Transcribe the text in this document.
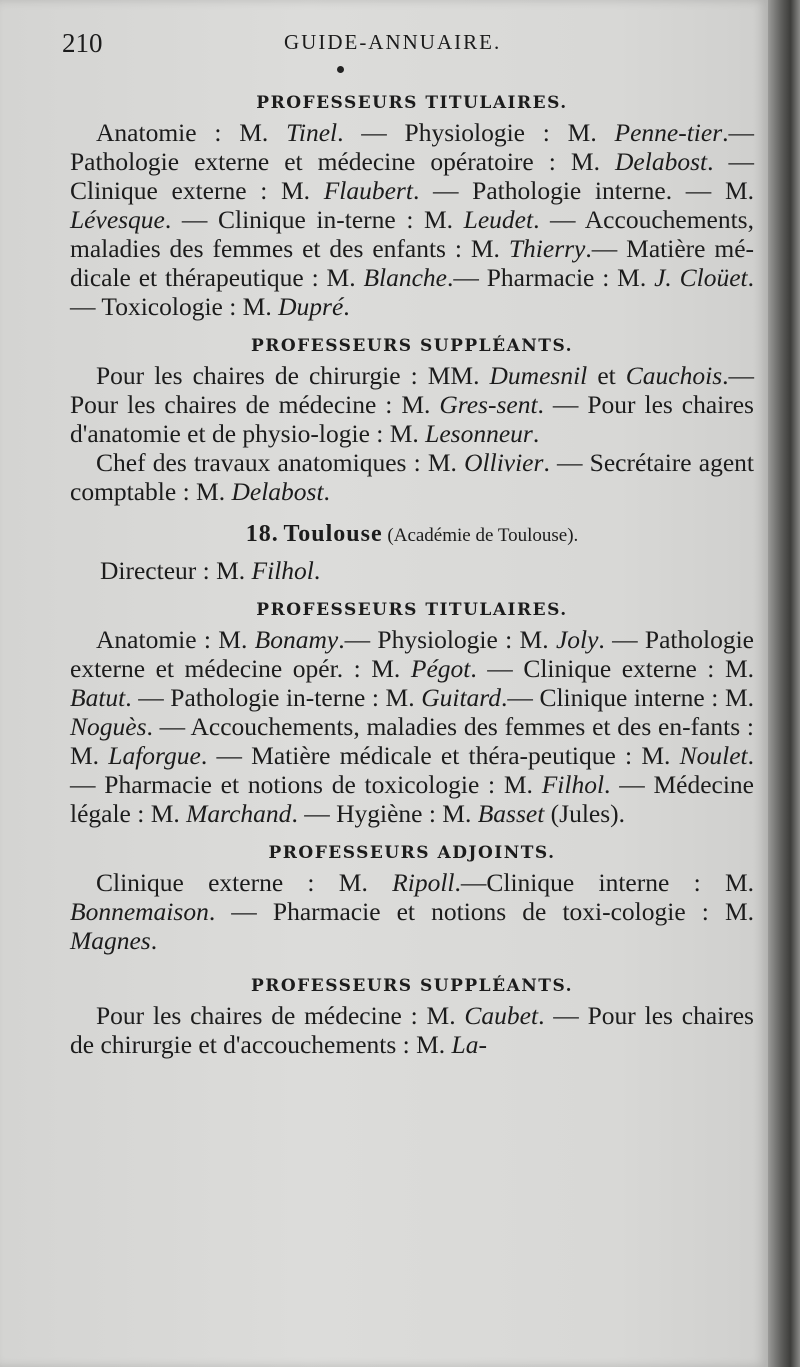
210	GUIDE-ANNUAIRE.
PROFESSEURS TITULAIRES.

Anatomie : M. Tinel. — Physiologie : M. Penne-tier.— Pathologie externe et médecine opératoire : M. Delabost. — Clinique externe : M. Flaubert. — Pathologie interne. — M. Lévesque. — Clinique in-terne : M. Leudet. — Accouchements, maladies des femmes et des enfants : M. Thierry.— Matière mé-dicale et thérapeutique : M. Blanche.— Pharmacie : M. J. Cloüet.— Toxicologie : M. Dupré.

PROFESSEURS SUPPLÉANTS.

Pour les chaires de chirurgie : MM. Dumesnil et Cauchois.—Pour les chaires de médecine : M. Gres-sent. — Pour les chaires d'anatomie et de physio-logie : M. Lesonneur.

Chef des travaux anatomiques : M. Ollivier. — Secrétaire agent comptable : M. Delabost.

18. Toulouse (Académie de Toulouse).

Directeur : M. Filhol.

PROFESSEURS TITULAIRES.

Anatomie : M. Bonamy.— Physiologie : M. Joly. — Pathologie externe et médecine opér. : M. Pégot. — Clinique externe : M. Batut. — Pathologie in-terne : M. Guitard.— Clinique interne : M. Noguès. — Accouchements, maladies des femmes et des en-fants : M. Laforgue. — Matière médicale et théra-peutique : M. Noulet. — Pharmacie et notions de toxicologie : M. Filhol. — Médecine légale : M. Marchand. — Hygiène : M. Basset (Jules).

PROFESSEURS ADJOINTS.

Clinique externe : M. Ripoll.—Clinique interne : M. Bonnemaison. — Pharmacie et notions de toxi-cologie : M. Magnes.

PROFESSEURS SUPPLÉANTS.

Pour les chaires de médecine : M. Caubet. — Pour les chaires de chirurgie et d'accouchements : M. La-
